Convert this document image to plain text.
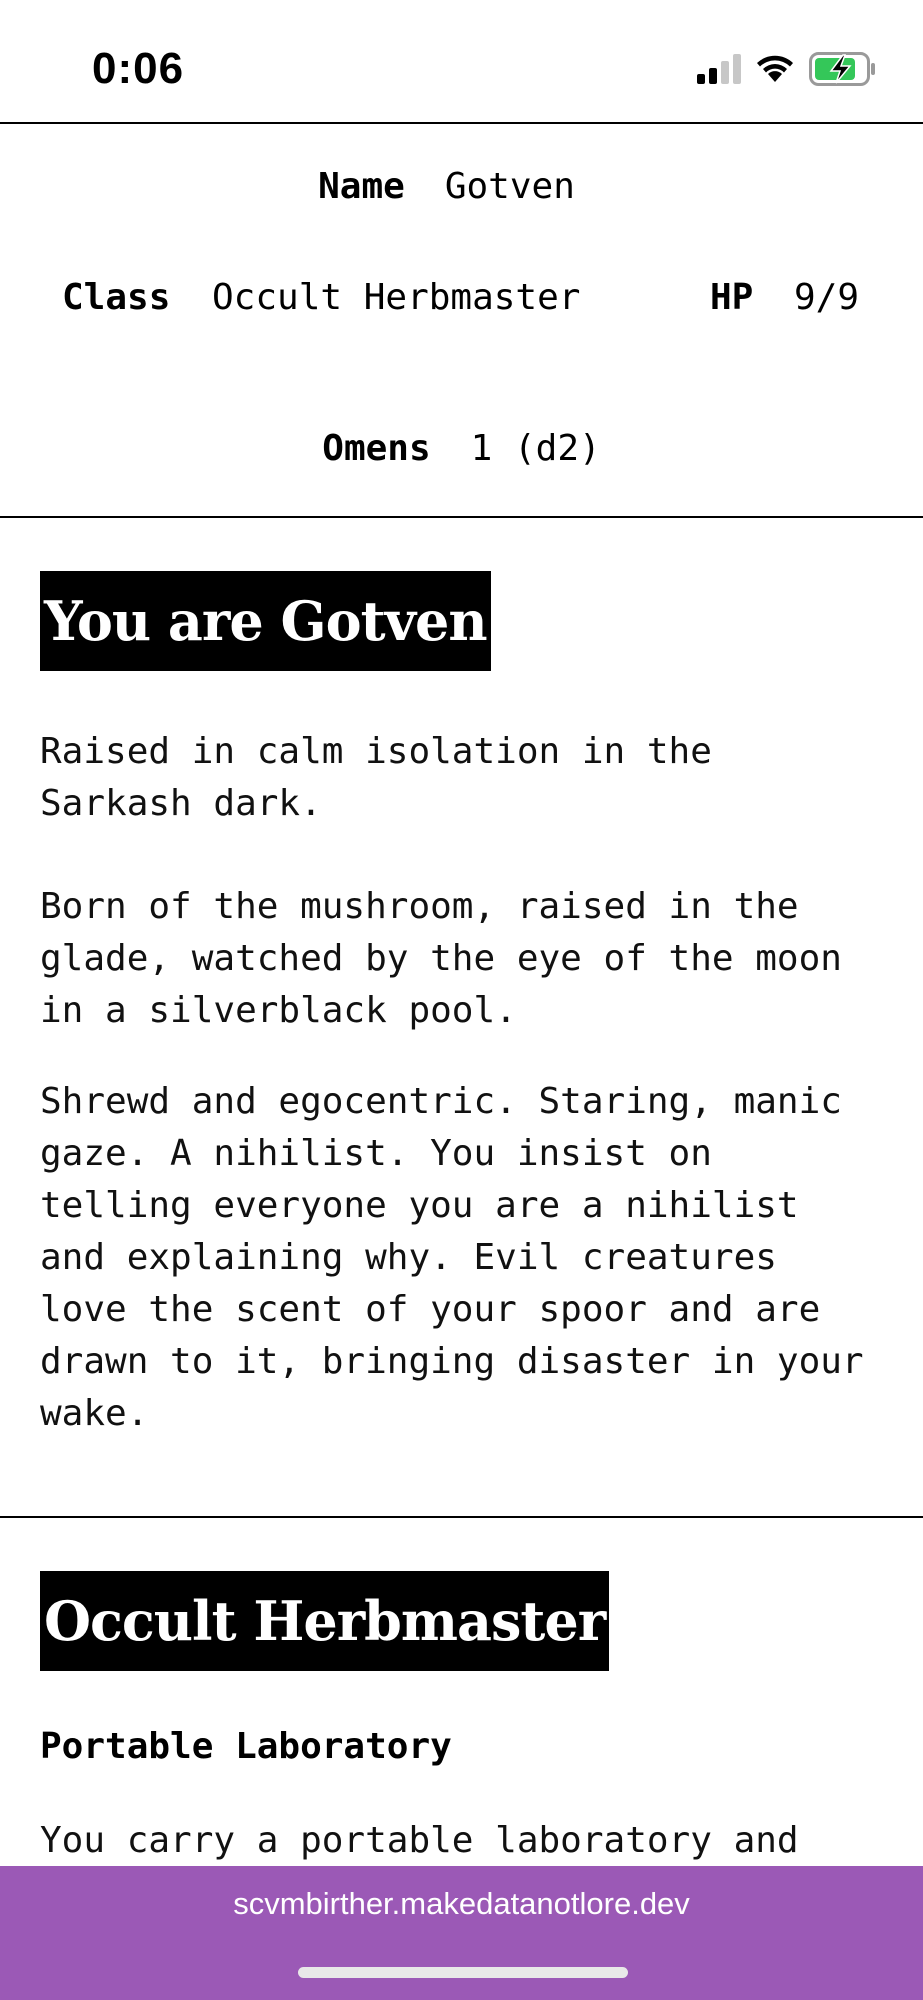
0:06
Name Gotven
Class Occult Herbmaster	HP 9/9
Omens 1 (d2)
You are Gotven

Raised in calm isolation in the
Sarkash dark.

Born of the mushroom, raised in the
glade, watched by the eye of the moon
in a silverblack pool.

Shrewd and egocentric. Staring, manic
gaze. A nihilist. You insist on
telling everyone you are a nihilist
and explaining why. Evil creatures
love the scent of your spoor and are
drawn to it, bringing disaster in your
wake.

Occult Herbmaster
Portable Laboratory

You carry a portable laboratory and

scvmbirther.makedatanotlore.dev
